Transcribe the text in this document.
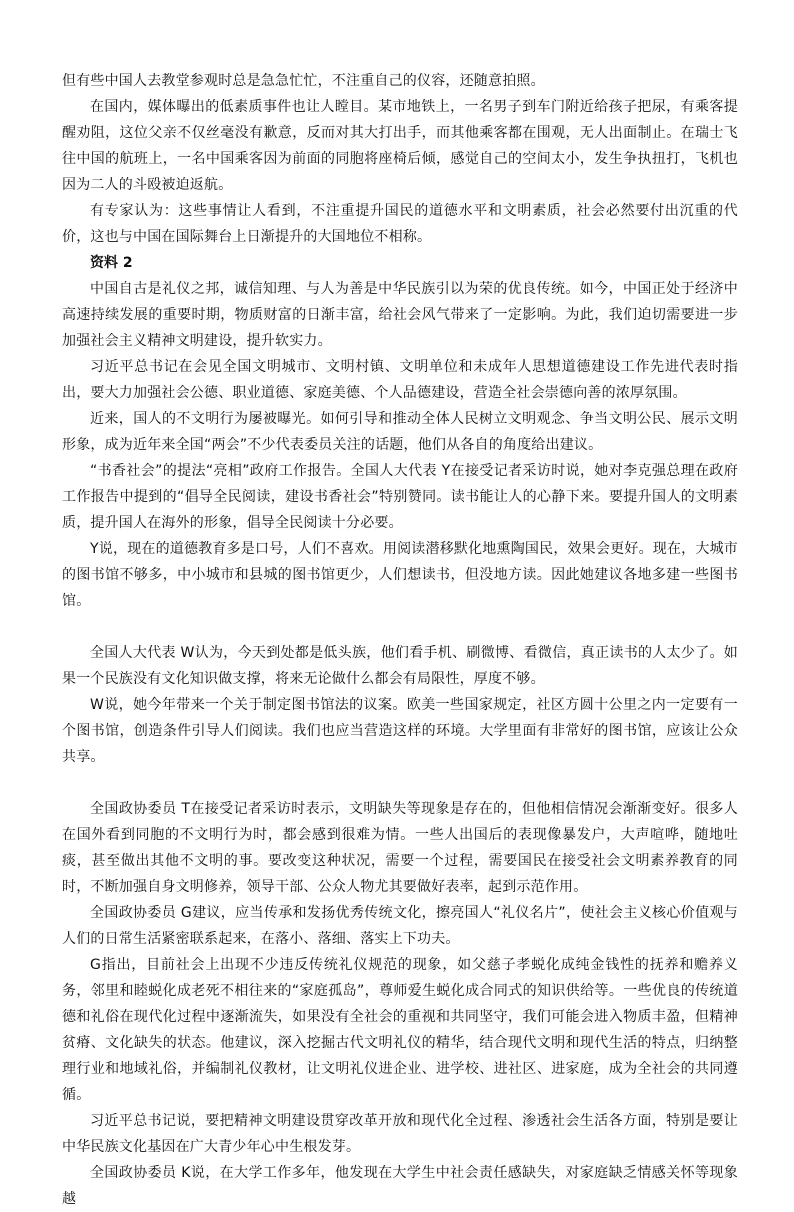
但有些中国人去教堂参观时总是急急忙忙，不注重自己的仪容，还随意拍照。

在国内，媒体曝出的低素质事件也让人瞠目。某市地铁上，一名男子到车门附近给孩子把尿，有乘客提醒劝阻，这位父亲不仅丝毫没有歉意，反而对其大打出手，而其他乘客都在围观，无人出面制止。在瑞士飞往中国的航班上，一名中国乘客因为前面的同胞将座椅后倾，感觉自己的空间太小，发生争执扭打，飞机也因为二人的斗殴被迫返航。

有专家认为：这些事情让人看到，不注重提升国民的道德水平和文明素质，社会必然要付出沉重的代价，这也与中国在国际舞台上日渐提升的大国地位不相称。

资料 2

中国自古是礼仪之邦，诚信知理、与人为善是中华民族引以为荣的优良传统。如今，中国正处于经济中高速持续发展的重要时期，物质财富的日渐丰富，给社会风气带来了一定影响。为此，我们迫切需要进一步加强社会主义精神文明建设，提升软实力。

习近平总书记在会见全国文明城市、文明村镇、文明单位和未成年人思想道德建设工作先进代表时指出，要大力加强社会公德、职业道德、家庭美德、个人品德建设，营造全社会崇德向善的浓厚氛围。

近来，国人的不文明行为屡被曝光。如何引导和推动全体人民树立文明观念、争当文明公民、展示文明形象，成为近年来全国“两会”不少代表委员关注的话题，他们从各自的角度给出建议。

“书香社会”的提法“亮相”政府工作报告。全国人大代表 Y在接受记者采访时说，她对李克强总理在政府工作报告中提到的“倡导全民阅读，建设书香社会”特别赞同。读书能让人的心静下来。要提升国人的文明素质，提升国人在海外的形象，倡导全民阅读十分必要。

Y说，现在的道德教育多是口号，人们不喜欢。用阅读潜移默化地熏陶国民，效果会更好。现在，大城市的图书馆不够多，中小城市和县城的图书馆更少，人们想读书，但没地方读。因此她建议各地多建一些图书馆。

全国人大代表 W认为，今天到处都是低头族，他们看手机、刷微博、看微信，真正读书的人太少了。如果一个民族没有文化知识做支撑，将来无论做什么都会有局限性，厚度不够。

W说，她今年带来一个关于制定图书馆法的议案。欧美一些国家规定，社区方圆十公里之内一定要有一个图书馆，创造条件引导人们阅读。我们也应当营造这样的环境。大学里面有非常好的图书馆，应该让公众共享。

全国政协委员 T在接受记者采访时表示，文明缺失等现象是存在的，但他相信情况会渐渐变好。很多人在国外看到同胞的不文明行为时，都会感到很难为情。一些人出国后的表现像暴发户，大声喧哗，随地吐痰，甚至做出其他不文明的事。要改变这种状况，需要一个过程，需要国民在接受社会文明素养教育的同时，不断加强自身文明修养，领导干部、公众人物尤其要做好表率，起到示范作用。

全国政协委员 G建议，应当传承和发扬优秀传统文化，擦亮国人“礼仪名片”，使社会主义核心价值观与人们的日常生活紧密联系起来，在落小、落细、落实上下功夫。

G指出，目前社会上出现不少违反传统礼仪规范的现象，如父慈子孝蜕化成纯金钱性的抚养和赡养义务，邻里和睦蜕化成老死不相往来的“家庭孤岛”，尊师爱生蜕化成合同式的知识供给等。一些优良的传统道德和礼俗在现代化过程中逐渐流失，如果没有全社会的重视和共同坚守，我们可能会进入物质丰盈，但精神贫瘠、文化缺失的状态。他建议，深入挖掘古代文明礼仪的精华，结合现代文明和现代生活的特点，归纳整理行业和地域礼俗，并编制礼仪教材，让文明礼仪进企业、进学校、进社区、进家庭，成为全社会的共同遵循。

习近平总书记说，要把精神文明建设贯穿改革开放和现代化全过程、渗透社会生活各方面，特别是要让中华民族文化基因在广大青少年心中生根发芽。

全国政协委员 K说，在大学工作多年，他发现在大学生中社会责任感缺失，对家庭缺乏情感关怀等现象越
